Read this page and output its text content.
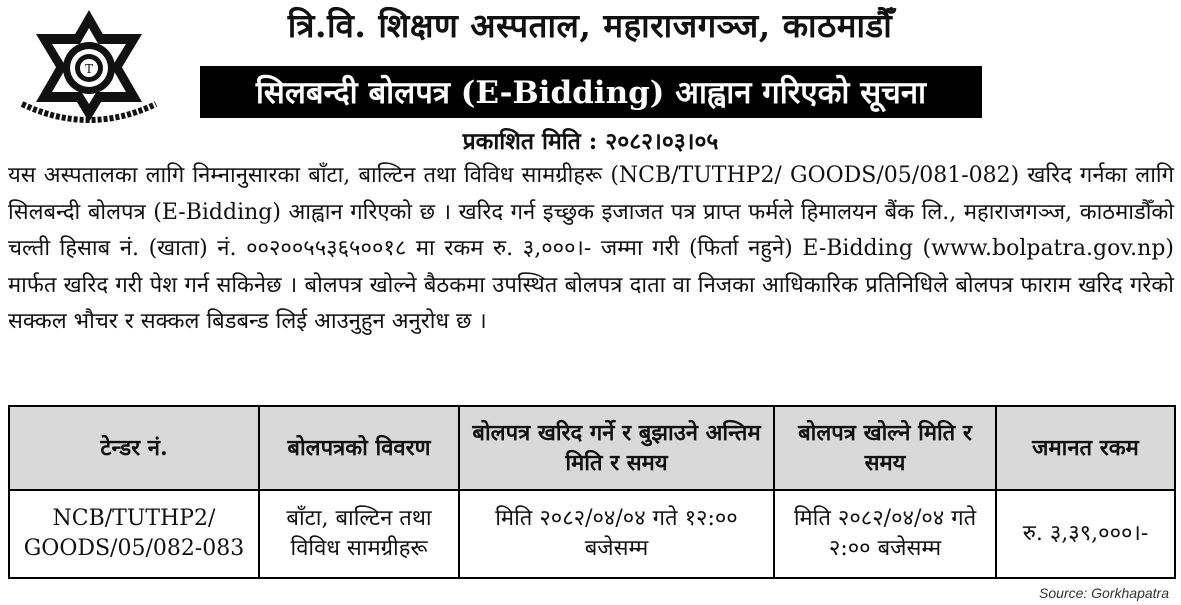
T
त्रि.वि. शिक्षण अस्पताल, महाराजगञ्ज, काठमाडौँ
सिलबन्दी बोलपत्र (E-Bidding) आह्वान गरिएको सूचना
प्रकाशित मिति : २०८२।०३।०५
यस अस्पतालका लागि निम्नानुसारका बाँटा, बाल्टिन तथा विविध सामग्रीहरू (NCB/TUTHP2/ GOODS/05/081-082) खरिद गर्नका लागि सिलबन्दी बोलपत्र (E-Bidding) आह्वान गरिएको छ । खरिद गर्न इच्छुक इजाजत पत्र प्राप्त फर्मले हिमालयन बैंक लि., महाराजगञ्ज, काठमाडौँको चल्ती हिसाब नं. (खाता) नं. ००२००५५३६५००१८ मा रकम रु. ३,०००।- जम्मा गरी (फिर्ता नहुने) E-Bidding (www.bolpatra.gov.np) मार्फत खरिद गरी पेश गर्न सकिनेछ । बोलपत्र खोल्ने बैठकमा उपस्थित बोलपत्र दाता वा निजका आधिकारिक प्रतिनिधिले बोलपत्र फाराम खरिद गरेको सक्कल भौचर र सक्कल बिडबन्ड लिई आउनुहुन अनुरोध छ ।
टेन्डर नं.	बोलपत्रको विवरण	बोलपत्र खरिद गर्ने र बुझाउने अन्तिम मिति र समय	बोलपत्र खोल्ने मिति र समय	जमानत रकम
NCB/TUTHP2/ GOODS/05/082-083	बाँटा, बाल्टिन तथा विविध सामग्रीहरू	मिति २०८२/०४/०४ गते १२:०० बजेसम्म	मिति २०८२/०४/०४ गते २:०० बजेसम्म	रु. ३,३९,०००।-
Source: Gorkhapatra
